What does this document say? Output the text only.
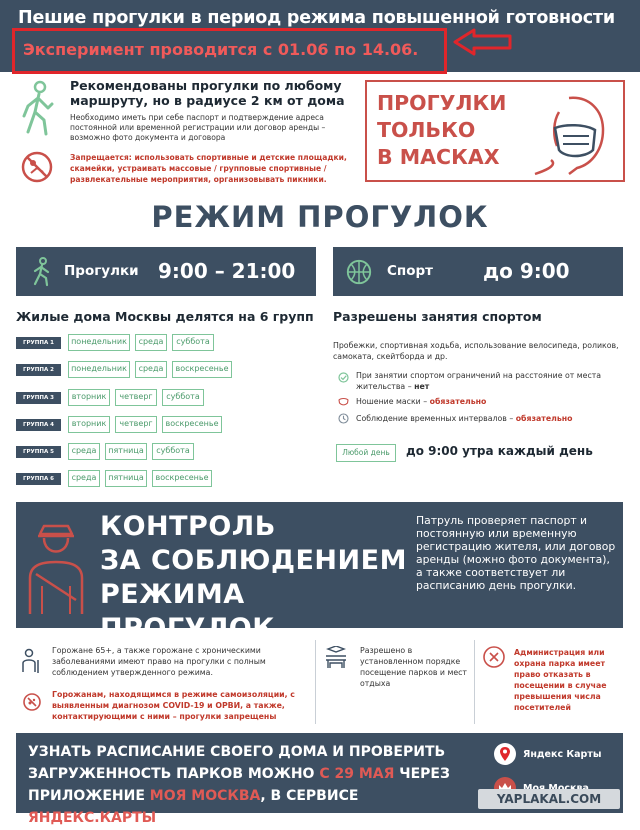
Пешие прогулки в период режима повышенной готовности
Эксперимент проводится с 01.06 по 14.06.
Рекомендованы прогулки по любому маршруту, но в радиусе 2 км от дома
Необходимо иметь при себе паспорт и подтверждение адреса постоянной или временной регистрации или договор аренды – возможно фото документа и договора
Запрещается: использовать спортивные и детские площадки, скамейки, устраивать массовые / групповые спортивные / развлекательные мероприятия, организовывать пикники.
ПРОГУЛКИ
ТОЛЬКО
В МАСКАХ
РЕЖИМ ПРОГУЛОК
Прогулки 9:00 – 21:00	Спорт	до 9:00
Жилые дома Москвы делятся на 6 групп
ГРУППА 1	понедельник	среда	суббота
ГРУППА 2	понедельник	среда	воскресенье
ГРУППА 3	вторник	четверг	суббота
ГРУППА 4	вторник	четверг	воскресенье
ГРУППА 5	среда	пятница	суббота
ГРУППА 6	среда	пятница	воскресенье
Разрешены занятия спортом
Пробежки, спортивная ходьба, использование велосипеда, роликов, самоката, скейтборда и др.
При занятии спортом ограничений на расстояние от места жительства – нет
Ношение маски – обязательно
Соблюдение временных интервалов – обязательно
Любой день	до 9:00 утра каждый день
КОНТРОЛЬ
ЗА СОБЛЮДЕНИЕМ
РЕЖИМА ПРОГУЛОК
Патруль проверяет паспорт и постоянную или временную регистрацию жителя, или договор аренды (можно фото документа), а также соответствует ли расписанию день прогулки.
Горожане 65+, а также горожане с хроническими заболеваниями имеют право на прогулки с полным соблюдением утвержденного режима.
Горожанам, находящимся в режиме самоизоляции, с выявленным диагнозом COVID-19 и ОРВИ, а также, контактирующими с ними – прогулки запрещены
Разрешено в установленном порядке посещение парков и мест отдыха
Администрация или охрана парка имеет право отказать в посещении в случае превышения числа посетителей
УЗНАТЬ РАСПИСАНИЕ СВОЕГО ДОМА И ПРОВЕРИТЬ
ЗАГРУЖЕННОСТЬ ПАРКОВ МОЖНО С 29 МАЯ ЧЕРЕЗ
ПРИЛОЖЕНИЕ МОЯ МОСКВА, В СЕРВИСЕ ЯНДЕКС.КАРТЫ
Яндекс Карты
YAPLAKAL.COM
